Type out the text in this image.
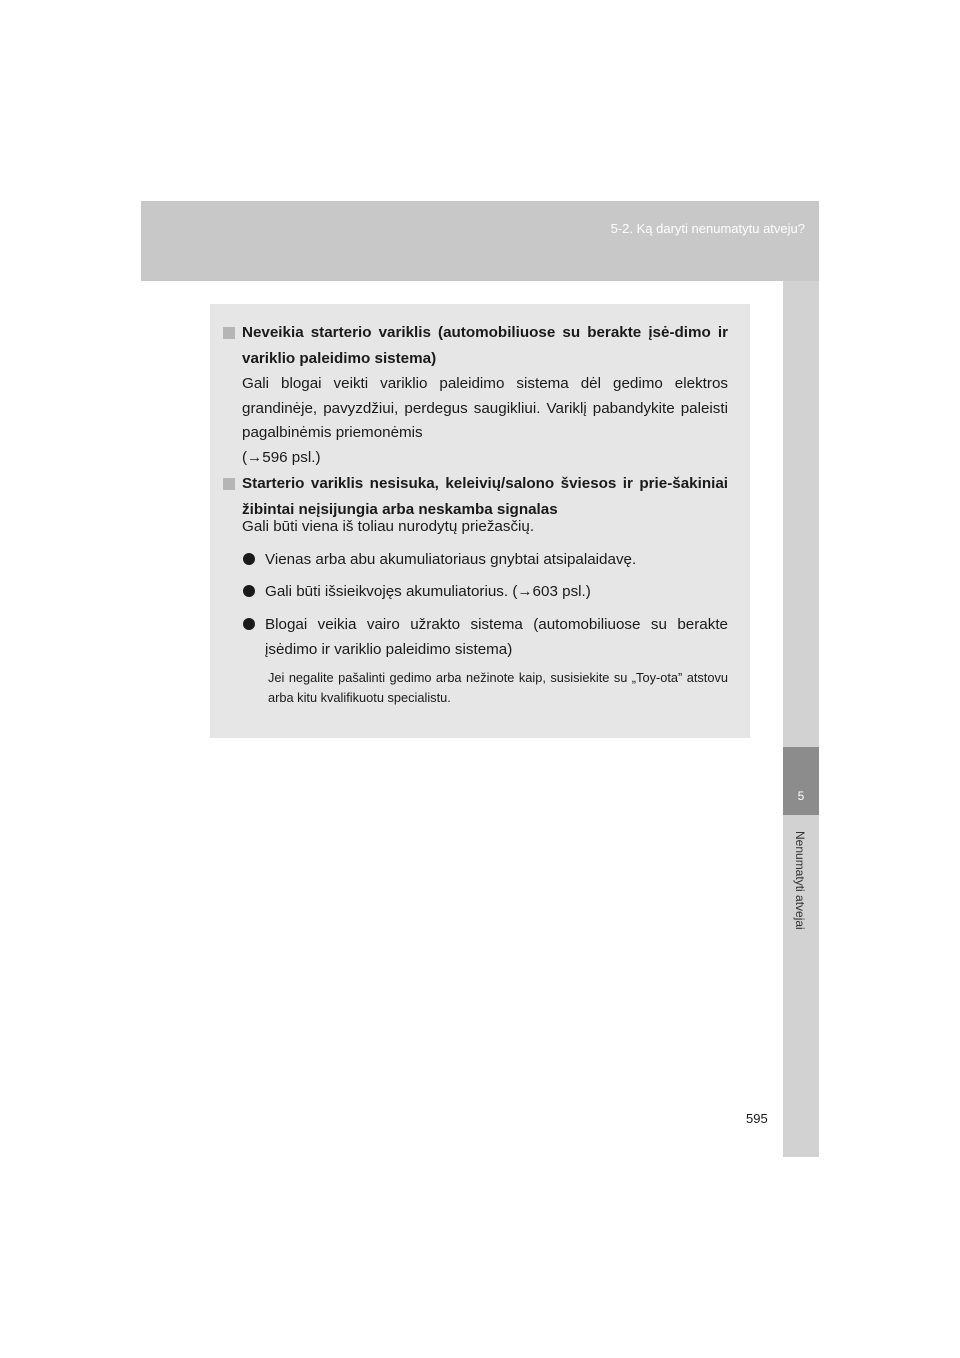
5-2. Ką daryti nenumatytu atveju?
5
Nenumatyti atvejai
Neveikia starterio variklis (automobiliuose su berakte įsė-dimo ir variklio paleidimo sistema)
Gali blogai veikti variklio paleidimo sistema dėl gedimo elektros grandinėje, pavyzdžiui, perdegus saugikliui. Variklį pabandykite paleisti pagalbinėmis priemonėmis
(→596 psl.)
Starterio variklis nesisuka, keleivių/salono šviesos ir prie-šakiniai žibintai neįsijungia arba neskamba signalas
Gali būti viena iš toliau nurodytų priežasčių.
Vienas arba abu akumuliatoriaus gnybtai atsipalaidavę.
Gali būti išsieikvojęs akumuliatorius. (→603 psl.)
Blogai veikia vairo užrakto sistema (automobiliuose su berakte įsėdimo ir variklio paleidimo sistema)
Jei negalite pašalinti gedimo arba nežinote kaip, susisiekite su „Toy-ota” atstovu arba kitu kvalifikuotu specialistu.
595
